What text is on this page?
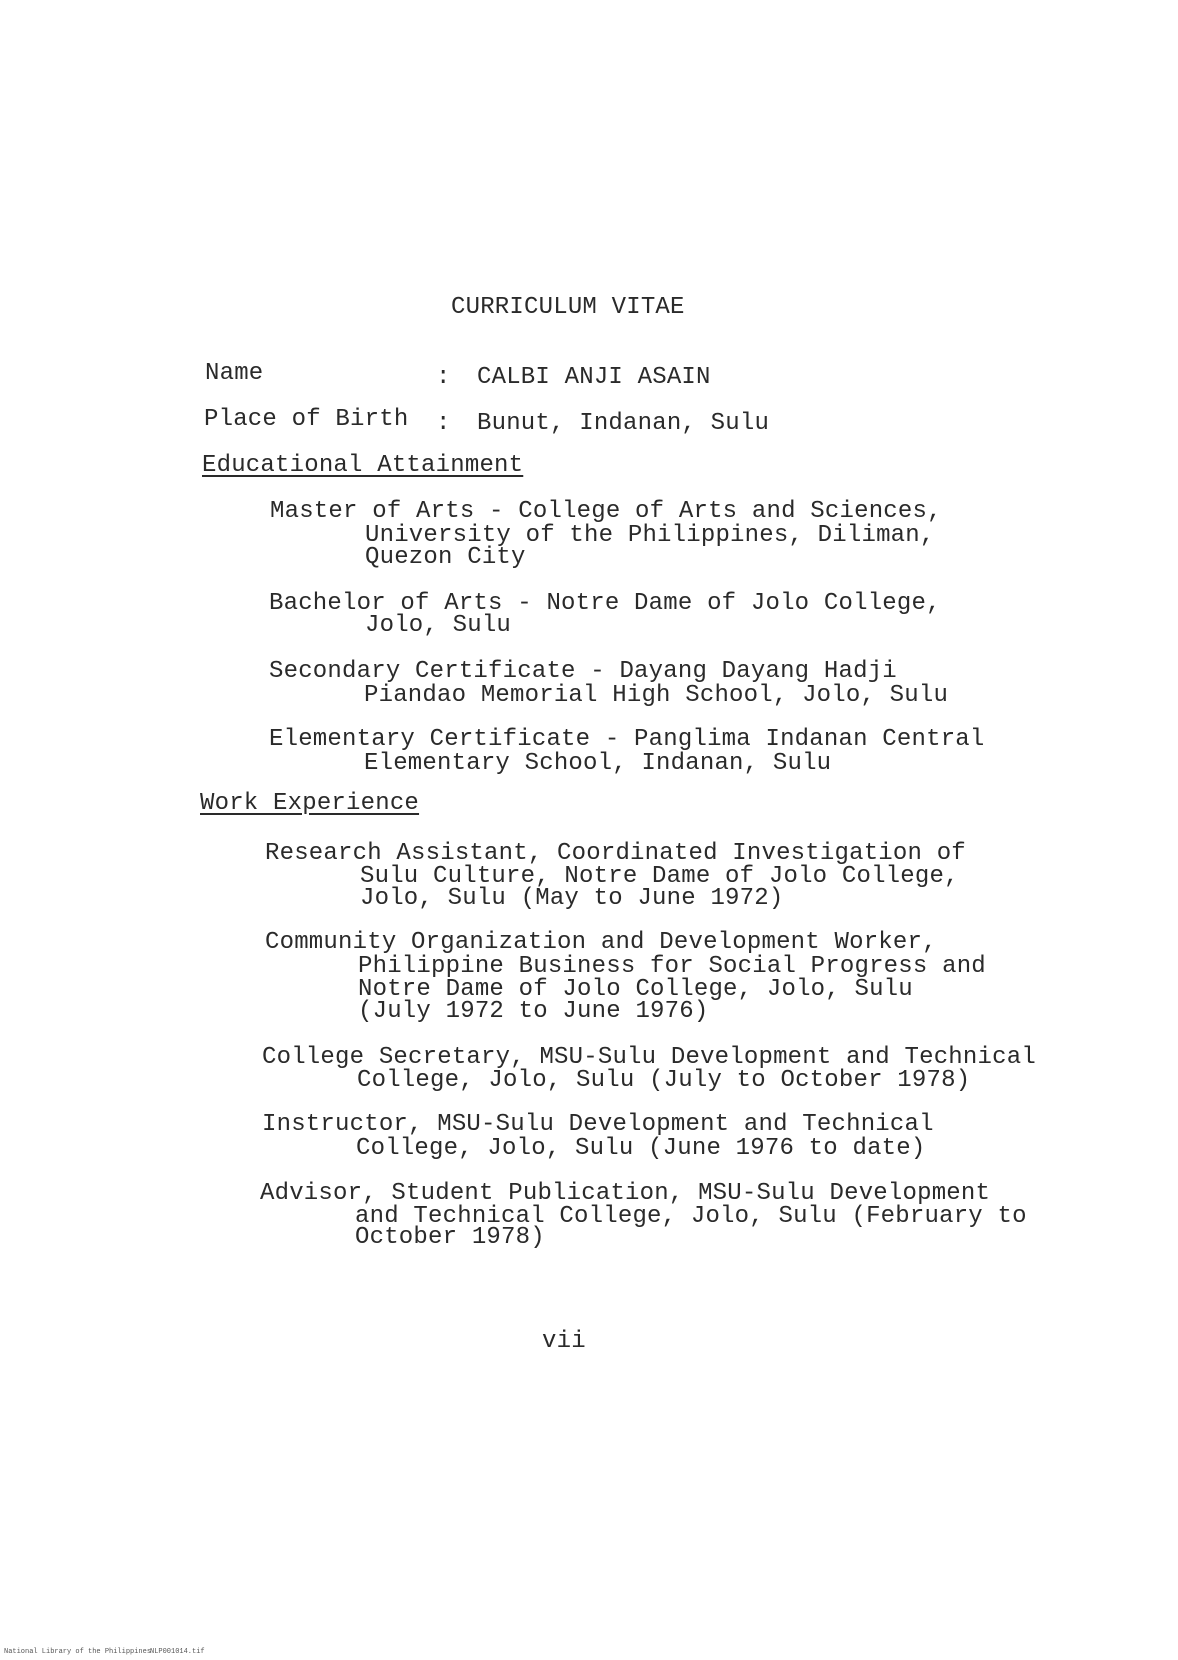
CURRICULUM VITAE
Name	: CALBI ANJI ASAIN
Place of Birth : Bunut, Indanan, Sulu
Educational Attainment
Master of Arts - College of Arts and Sciences,
University of the Philippines, Diliman,
Quezon City
Bachelor of Arts - Notre Dame of Jolo College,
Jolo, Sulu
Secondary Certificate - Dayang Dayang Hadji
Piandao Memorial High School, Jolo, Sulu
Elementary Certificate - Panglima Indanan Central
Elementary School, Indanan, Sulu
Work Experience
Research Assistant, Coordinated Investigation of
Sulu Culture, Notre Dame of Jolo College,
Jolo, Sulu (May to June 1972)
Community Organization and Development Worker,
Philippine Business for Social Progress and
Notre Dame of Jolo College, Jolo, Sulu
(July 1972 to June 1976)
College Secretary, MSU-Sulu Development and Technical
College, Jolo, Sulu (July to October 1978)
Instructor, MSU-Sulu Development and Technical
College, Jolo, Sulu (June 1976 to date)
Advisor, Student Publication, MSU-Sulu Development
and Technical College, Jolo, Sulu (February to
October 1978)
vii
National Library of the Philippines
NLP001014.tif
